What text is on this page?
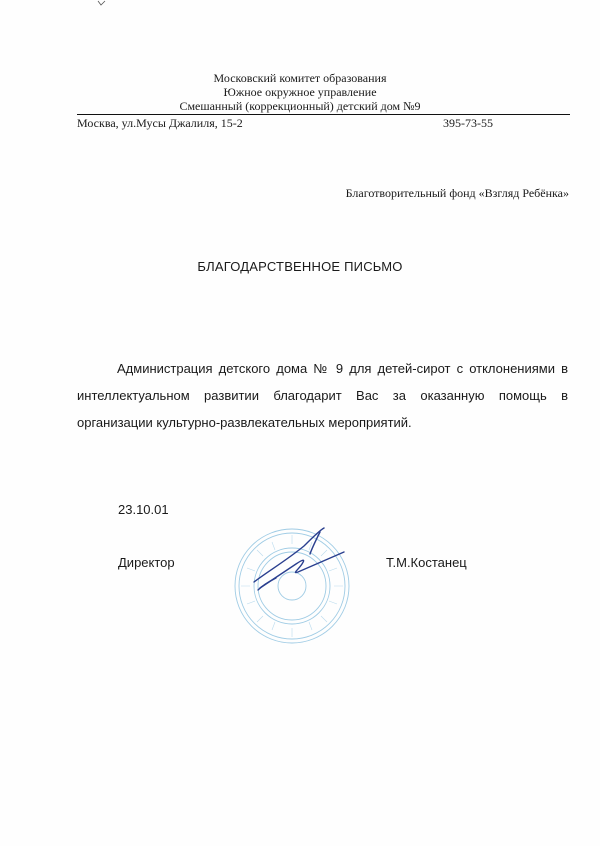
Московский комитет образования
Южное окружное управление
Смешанный (коррекционный) детский дом №9
Москва, ул.Мусы Джалиля, 15-2	395-73-55
Благотворительный фонд «Взгляд Ребёнка»
БЛАГОДАРСТВЕННОЕ ПИСЬМО
Администрация детского дома № 9 для детей-сирот с отклонениями в интеллектуальном развитии благодарит Вас за оказанную помощь в организации культурно-развлекательных мероприятий.
23.10.01
Директор	Т.М.Костанец
